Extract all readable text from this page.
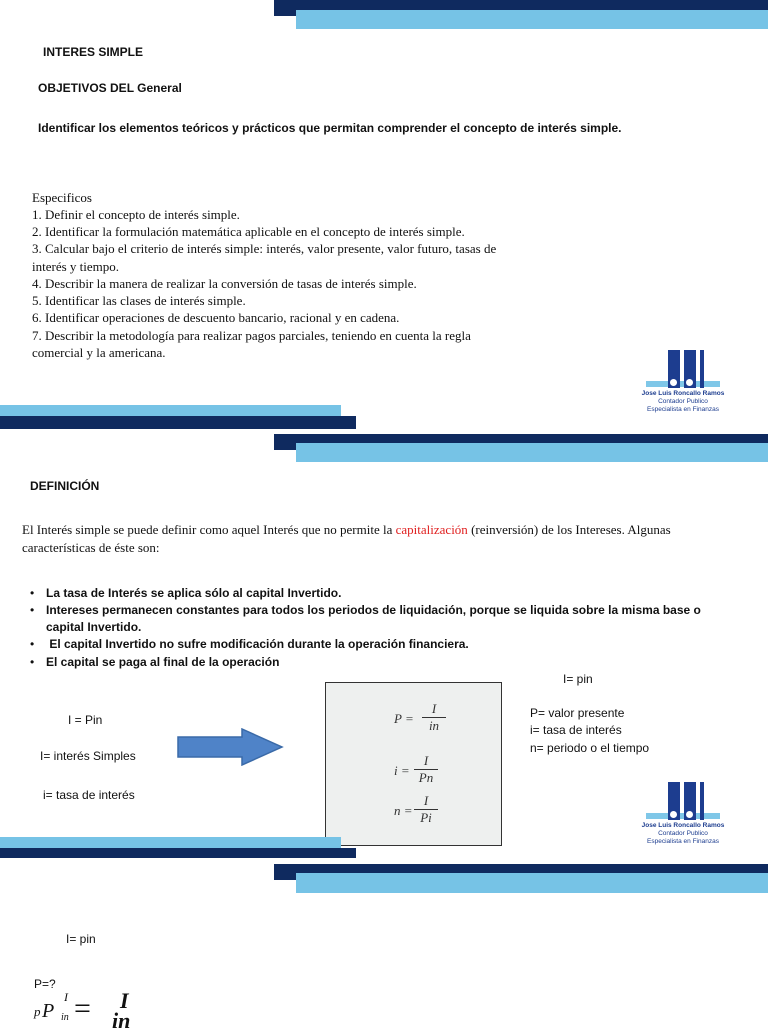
INTERES SIMPLE
OBJETIVOS DEL General
Identificar los elementos teóricos y prácticos que permitan comprender el concepto de interés simple.
Especificos
1. Definir el concepto de interés simple.
2. Identificar la formulación matemática aplicable en el concepto de interés simple.
3. Calcular bajo el criterio de interés simple: interés, valor presente, valor futuro, tasas de
interés y tiempo.
4. Describir la manera de realizar la conversión de tasas de interés simple.
5. Identificar las clases de interés simple.
6. Identificar operaciones de descuento bancario, racional y en cadena.
7. Describir la metodología para realizar pagos parciales, teniendo en cuenta la regla
comercial y la americana.
Jose Luis Roncallo Ramos
Contador Publico
Especialista en Finanzas
DEFINICIÓN
El Interés simple se puede definir como aquel Interés que no permite la capitalización (reinversión) de los Intereses. Algunas
características de éste son:
• La tasa de Interés se aplica sólo al capital Invertido.
• Intereses permanecen constantes para todos los periodos de liquidación, porque se liquida sobre la misma base o
capital Invertido.
• El capital Invertido no sufre modificación durante la operación financiera.
• El capital se paga al final de la operación
I = Pin
I= interés Simples
i= tasa de interés
P =
I
in
i =
I
Pn
n =
I
Pi
I= pin
P= valor presente
i= tasa de interés
n= periodo o el tiempo
Jose Luis Roncallo Ramos
Contador Publico
Especialista en Finanzas
I= pin
P=?
p P
I
in = I
in
